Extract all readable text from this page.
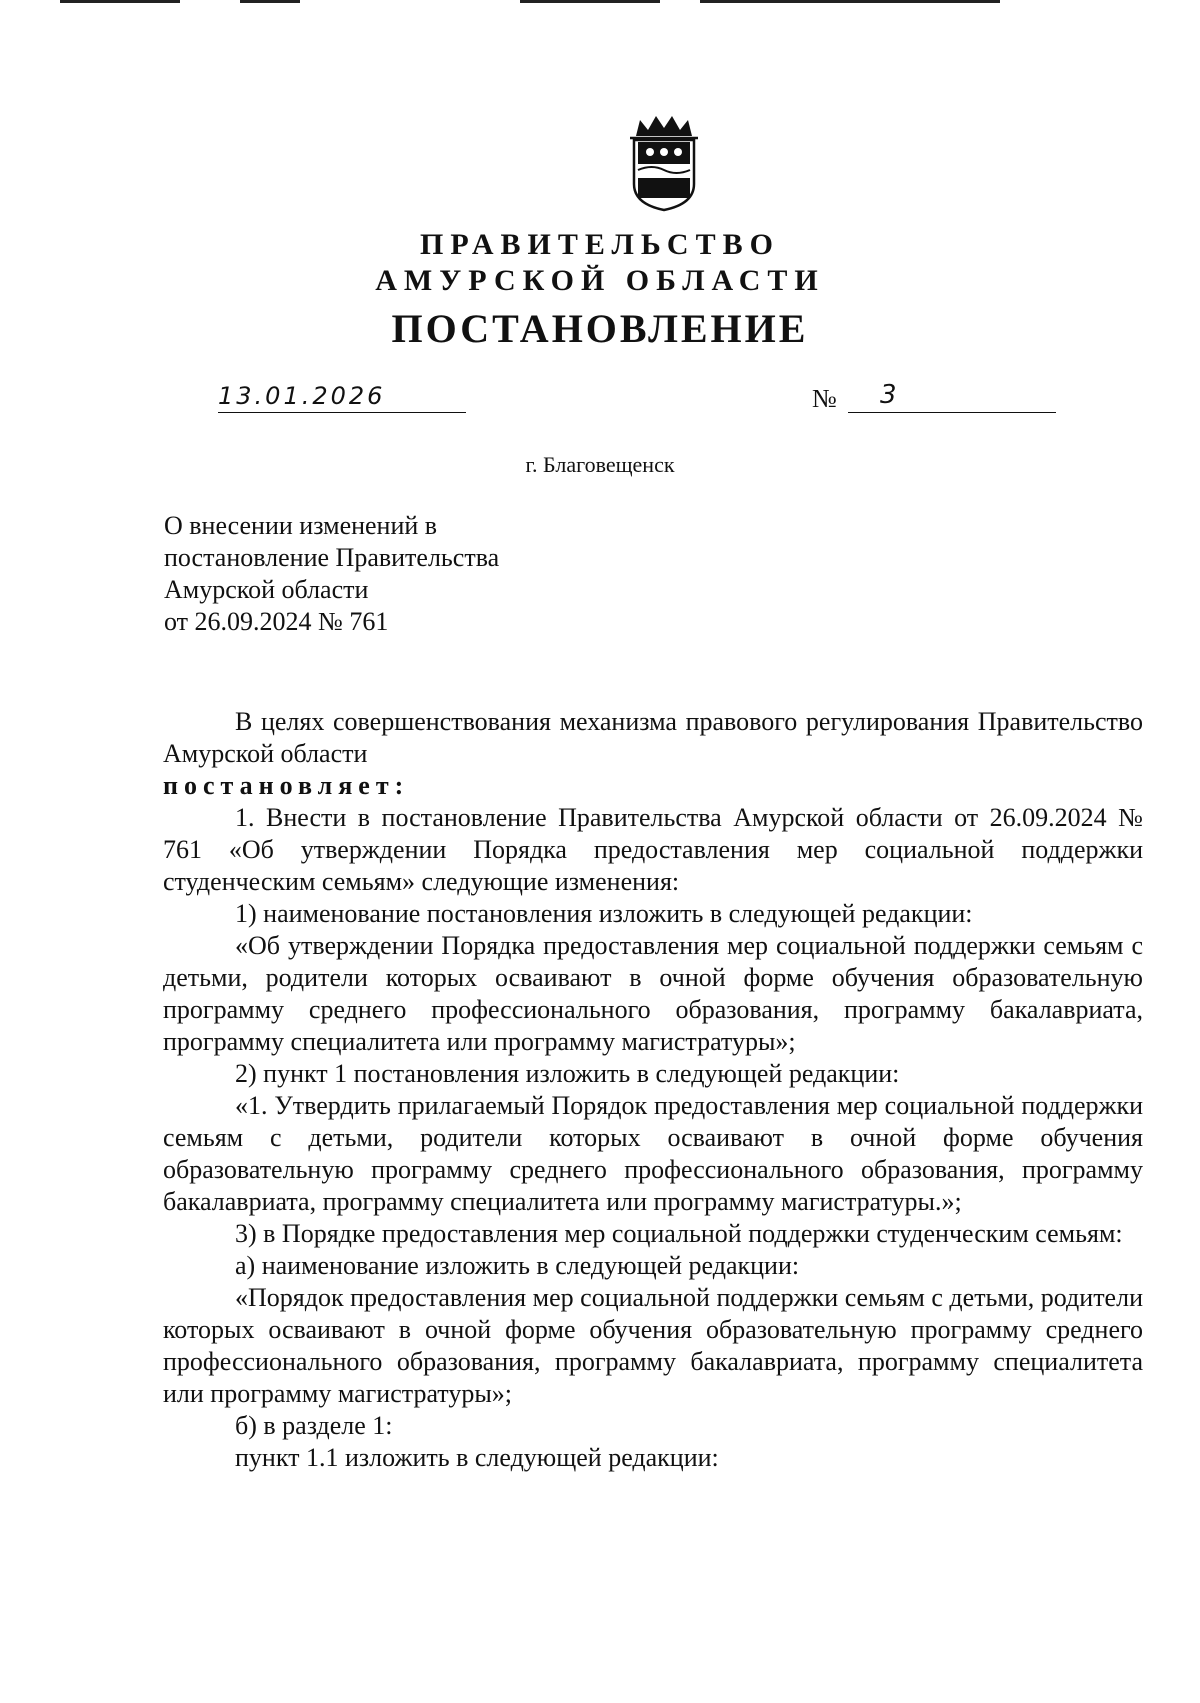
ПРАВИТЕЛЬСТВО
АМУРСКОЙ ОБЛАСТИ
ПОСТАНОВЛЕНИЕ
13.01.2026	№ 3
г. Благовещенск
О внесении изменений в
постановление Правительства
Амурской области
от 26.09.2024 № 761

В целях совершенствования механизма правового регулирования Правительство Амурской области

постановляет:

1. Внести в постановление Правительства Амурской области от 26.09.2024 № 761 «Об утверждении Порядка предоставления мер социальной поддержки студенческим семьям» следующие изменения:

1) наименование постановления изложить в следующей редакции:

«Об утверждении Порядка предоставления мер социальной поддержки семьям с детьми, родители которых осваивают в очной форме обучения образовательную программу среднего профессионального образования, программу бакалавриата, программу специалитета или программу магистратуры»;

2) пункт 1 постановления изложить в следующей редакции:

«1. Утвердить прилагаемый Порядок предоставления мер социальной поддержки семьям с детьми, родители которых осваивают в очной форме обучения образовательную программу среднего профессионального образования, программу бакалавриата, программу специалитета или программу магистратуры.»;

3) в Порядке предоставления мер социальной поддержки студенческим семьям:

а) наименование изложить в следующей редакции:

«Порядок предоставления мер социальной поддержки семьям с детьми, родители которых осваивают в очной форме обучения образовательную программу среднего профессионального образования, программу бакалавриата, программу специалитета или программу магистратуры»;

б) в разделе 1:

пункт 1.1 изложить в следующей редакции:
